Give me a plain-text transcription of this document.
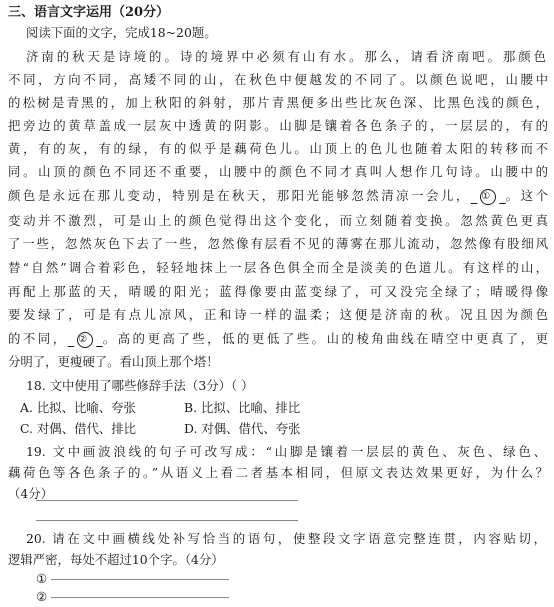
三、语言文字运用（20分）
阅读下面的文字，完成18~20题。
济南的秋天是诗境的。诗的境界中必须有山有水。那么，请看济南吧。那颜色
不同，方向不同，高矮不同的山，在秋色中便越发的不同了。以颜色说吧，山腰中
的松树是青黑的，加上秋阳的斜射，那片青黑便多出些比灰色深、比黑色浅的颜色，
把旁边的黄草盖成一层灰中透黄的阴影。山脚是镶着各色条子的，一层层的，有的
黄，有的灰，有的绿，有的似乎是藕荷色儿。山顶上的色儿也随着太阳的转移而不
同。山顶的颜色不同还不重要，山腰中的颜色不同才真叫人想作几句诗。山腰中的
颜色是永远在那儿变动，特别是在秋天，那阳光能够忽然清凉一会儿， ① 。这个
变动并不激烈，可是山上的颜色觉得出这个变化，而立刻随着变换。忽然黄色更真
了一些，忽然灰色下去了一些，忽然像有层看不见的薄雾在那儿流动，忽然像有股细风
替“自然”调合着彩色，轻轻地抹上一层各色俱全而全是淡美的色道儿。有这样的山，
再配上那蓝的天，晴暖的阳光；蓝得像要由蓝变绿了，可又没完全绿了；晴暖得像
要发绿了，可是有点儿凉风，正和诗一样的温柔；这便是济南的秋。况且因为颜色
的不同， ② 。高的更高了些，低的更低了些。山的棱角曲线在晴空中更真了，更
分明了，更瘦硬了。看山顶上那个塔！
18. 文中使用了哪些修辞手法（3分）（ ）
A. 比拟、比喻、夸张	B. 比拟、比喻、排比
C. 对偶、借代、排比	D. 对偶、借代、夸张
19. 文中画波浪线的句子可改写成：“山脚是镶着一层层的黄色、灰色、绿色、
藕荷色等各色条子的。”从语义上看二者基本相同，但原文表达效果更好，为什么？
（4分）
20. 请在文中画横线处补写恰当的语句，使整段文字语意完整连贯，内容贴切，
逻辑严密，每处不超过10个字。（4分）
①
②
